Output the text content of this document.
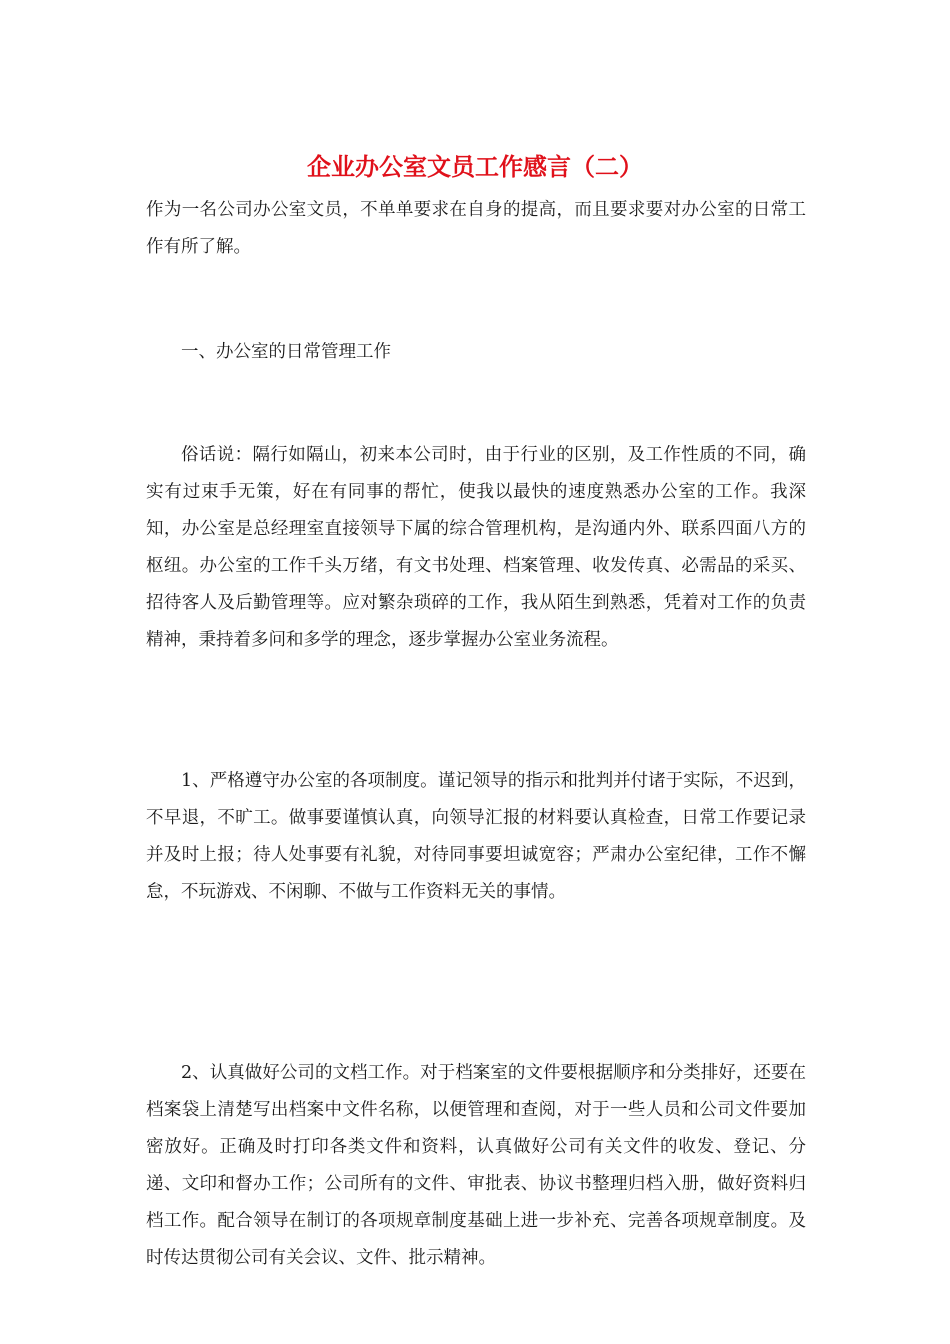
企业办公室文员工作感言（二）

作为一名公司办公室文员，不单单要求在自身的提高，而且要求要对办公室的日常工作有所了解。

一、办公室的日常管理工作

俗话说：隔行如隔山，初来本公司时，由于行业的区别，及工作性质的不同，确实有过束手无策，好在有同事的帮忙，使我以最快的速度熟悉办公室的工作。我深知，办公室是总经理室直接领导下属的综合管理机构，是沟通内外、联系四面八方的枢纽。办公室的工作千头万绪，有文书处理、档案管理、收发传真、必需品的采买、招待客人及后勤管理等。应对繁杂琐碎的工作，我从陌生到熟悉，凭着对工作的负责精神，秉持着多问和多学的理念，逐步掌握办公室业务流程。

1、严格遵守办公室的各项制度。谨记领导的指示和批判并付诸于实际，不迟到，不早退，不旷工。做事要谨慎认真，向领导汇报的材料要认真检查，日常工作要记录并及时上报；待人处事要有礼貌，对待同事要坦诚宽容；严肃办公室纪律，工作不懈怠，不玩游戏、不闲聊、不做与工作资料无关的事情。

2、认真做好公司的文档工作。对于档案室的文件要根据顺序和分类排好，还要在档案袋上清楚写出档案中文件名称，以便管理和查阅，对于一些人员和公司文件要加密放好。正确及时打印各类文件和资料，认真做好公司有关文件的收发、登记、分递、文印和督办工作；公司所有的文件、审批表、协议书整理归档入册，做好资料归档工作。配合领导在制订的各项规章制度基础上进一步补充、完善各项规章制度。及时传达贯彻公司有关会议、文件、批示精神。
